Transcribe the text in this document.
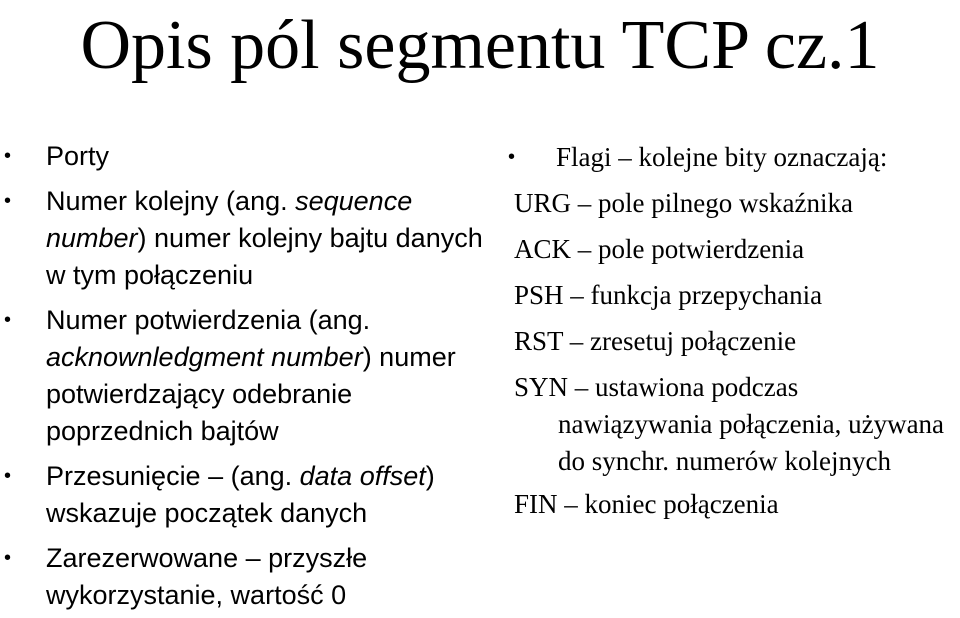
Opis pól segmentu TCP cz.1

• Porty

• Numer kolejny (ang. sequence number) numer kolejny bajtu danych w tym połączeniu

• Numer potwierdzenia (ang. acknownledgment number) numer potwierdzający odebranie poprzednich bajtów

• Przesunięcie – (ang. data offset) wskazuje początek danych

• Zarezerwowane – przyszłe wykorzystanie, wartość 0

• Flagi – kolejne bity oznaczają:

URG – pole pilnego wskaźnika

ACK – pole potwierdzenia

PSH – funkcja przepychania

RST – zresetuj połączenie

SYN – ustawiona podczas
nawiązywania połączenia, używana do synchr. numerów kolejnych

FIN – koniec połączenia
